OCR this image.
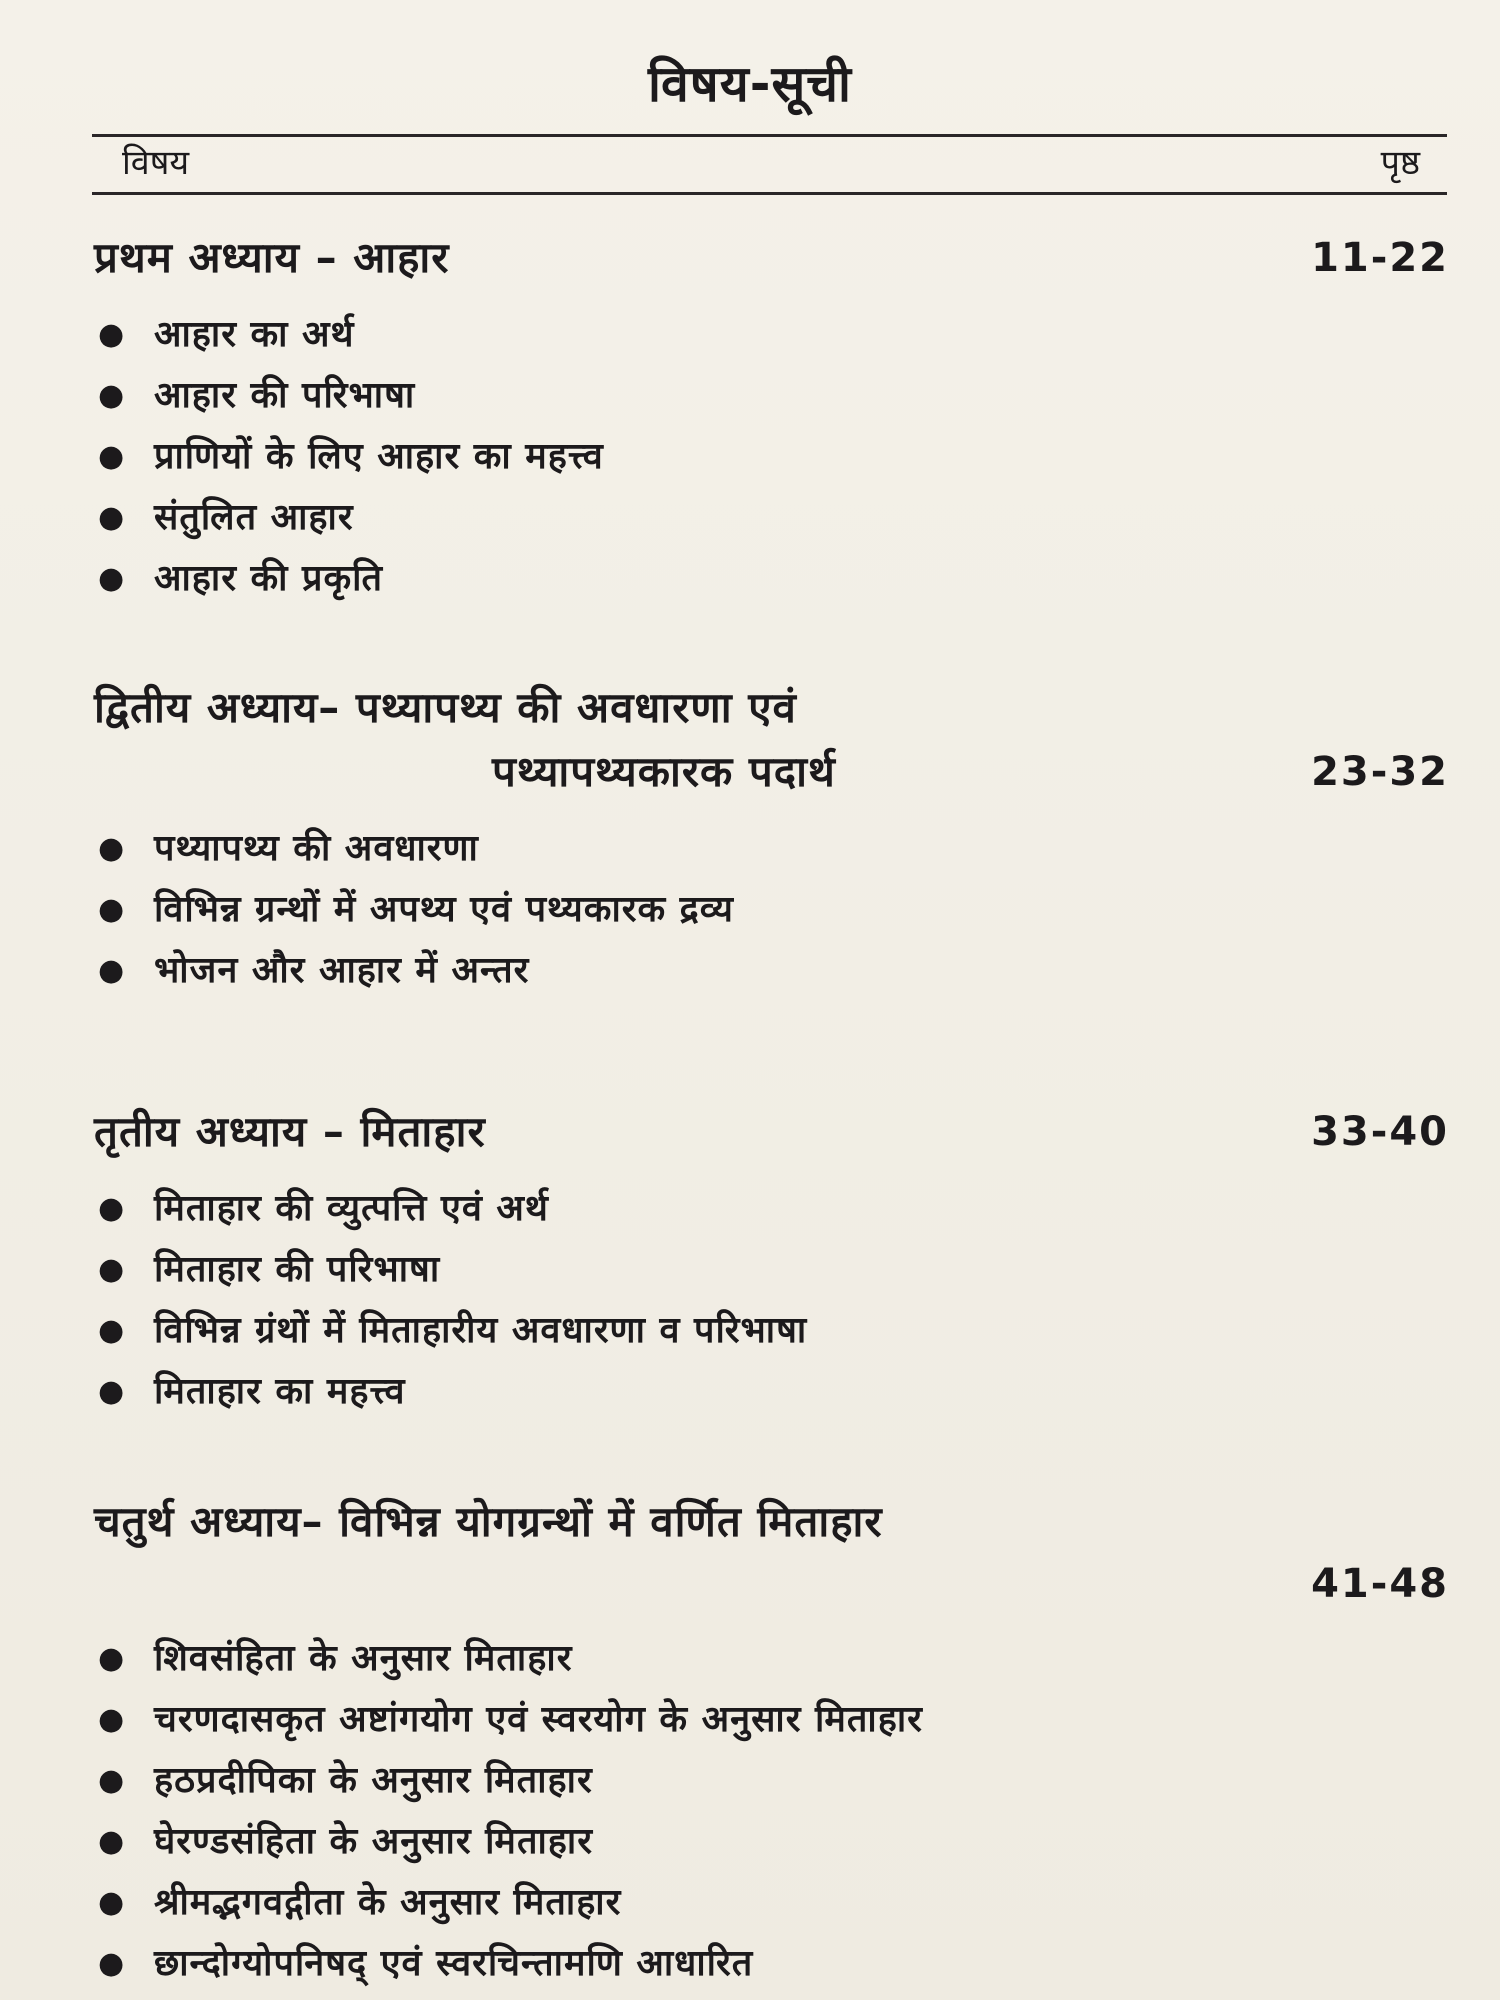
विषय-सूची
विषय	पृष्ठ
प्रथम अध्याय – आहार	11-22
● आहार का अर्थ
● आहार की परिभाषा
● प्राणियों के लिए आहार का महत्त्व
● संतुलित आहार
● आहार की प्रकृति
द्वितीय अध्याय– पथ्यापथ्य की अवधारणा एवं
पथ्यापथ्यकारक पदार्थ	23-32
● पथ्यापथ्य की अवधारणा
● विभिन्न ग्रन्थों में अपथ्य एवं पथ्यकारक द्रव्य
● भोजन और आहार में अन्तर
तृतीय अध्याय – मिताहार	33-40
● मिताहार की व्युत्पत्ति एवं अर्थ
● मिताहार की परिभाषा
● विभिन्न ग्रंथों में मिताहारीय अवधारणा व परिभाषा
● मिताहार का महत्त्व
चतुर्थ अध्याय– विभिन्न योगग्रन्थों में वर्णित मिताहार
41-48
● शिवसंहिता के अनुसार मिताहार
● चरणदासकृत अष्टांगयोग एवं स्वरयोग के अनुसार मिताहार
● हठप्रदीपिका के अनुसार मिताहार
● घेरण्डसंहिता के अनुसार मिताहार
● श्रीमद्भगवद्गीता के अनुसार मिताहार
● छान्दोग्योपनिषद् एवं स्वरचिन्तामणि आधारित
